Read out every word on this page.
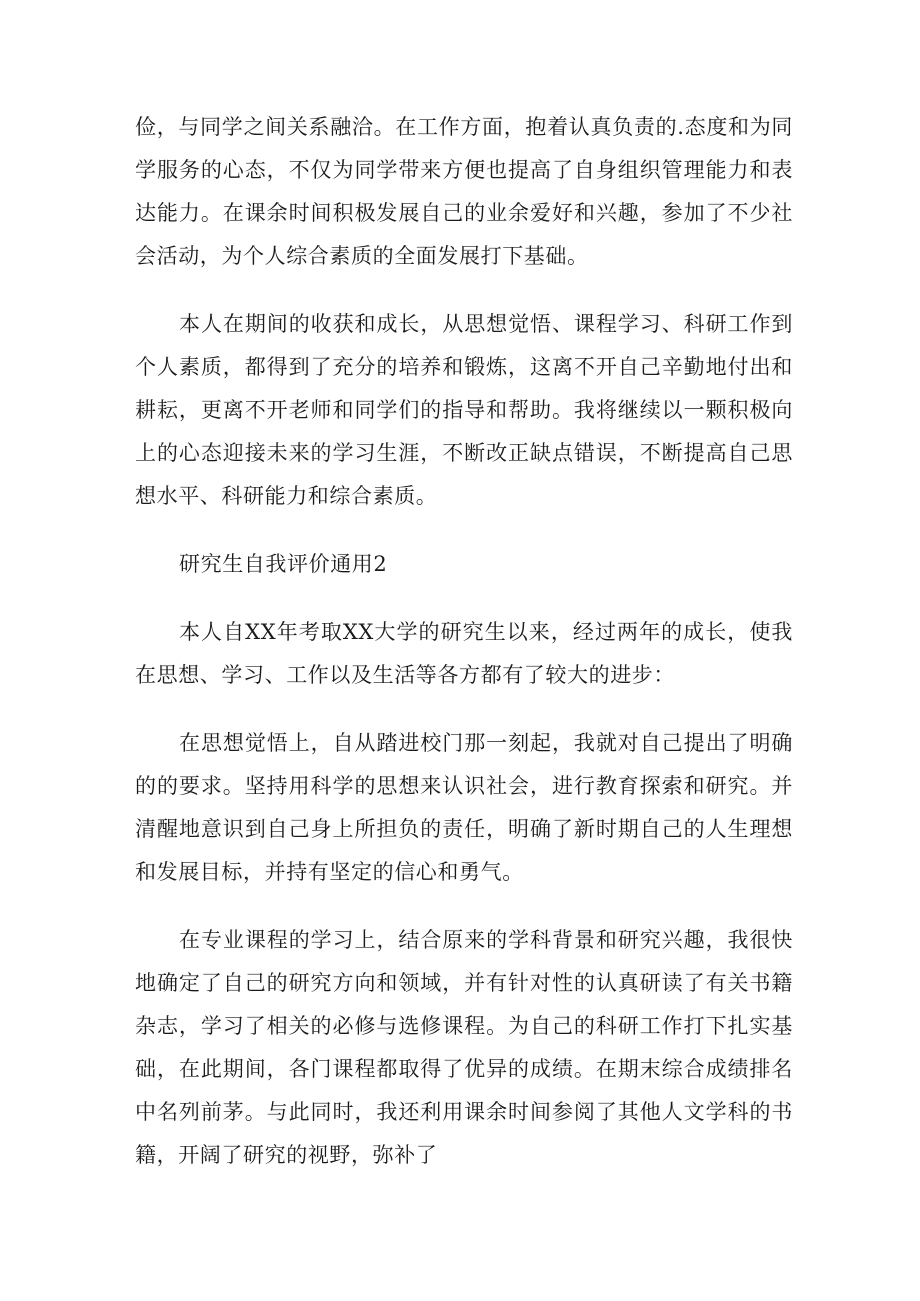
俭，与同学之间关系融洽。在工作方面，抱着认真负责的.态度和为同学服务的心态，不仅为同学带来方便也提高了自身组织管理能力和表达能力。在课余时间积极发展自己的业余爱好和兴趣，参加了不少社会活动，为个人综合素质的全面发展打下基础。

本人在期间的收获和成长，从思想觉悟、课程学习、科研工作到个人素质，都得到了充分的培养和锻炼，这离不开自己辛勤地付出和耕耘，更离不开老师和同学们的指导和帮助。我将继续以一颗积极向上的心态迎接未来的学习生涯，不断改正缺点错误，不断提高自己思想水平、科研能力和综合素质。

研究生自我评价通用2

本人自XX年考取XX大学的研究生以来，经过两年的成长，使我在思想、学习、工作以及生活等各方都有了较大的进步：

在思想觉悟上，自从踏进校门那一刻起，我就对自己提出了明确的的要求。坚持用科学的思想来认识社会，进行教育探索和研究。并清醒地意识到自己身上所担负的责任，明确了新时期自己的人生理想和发展目标，并持有坚定的信心和勇气。

在专业课程的学习上，结合原来的学科背景和研究兴趣，我很快地确定了自己的研究方向和领域，并有针对性的认真研读了有关书籍杂志，学习了相关的必修与选修课程。为自己的科研工作打下扎实基础，在此期间，各门课程都取得了优异的成绩。在期末综合成绩排名中名列前茅。与此同时，我还利用课余时间参阅了其他人文学科的书籍，开阔了研究的视野，弥补了
